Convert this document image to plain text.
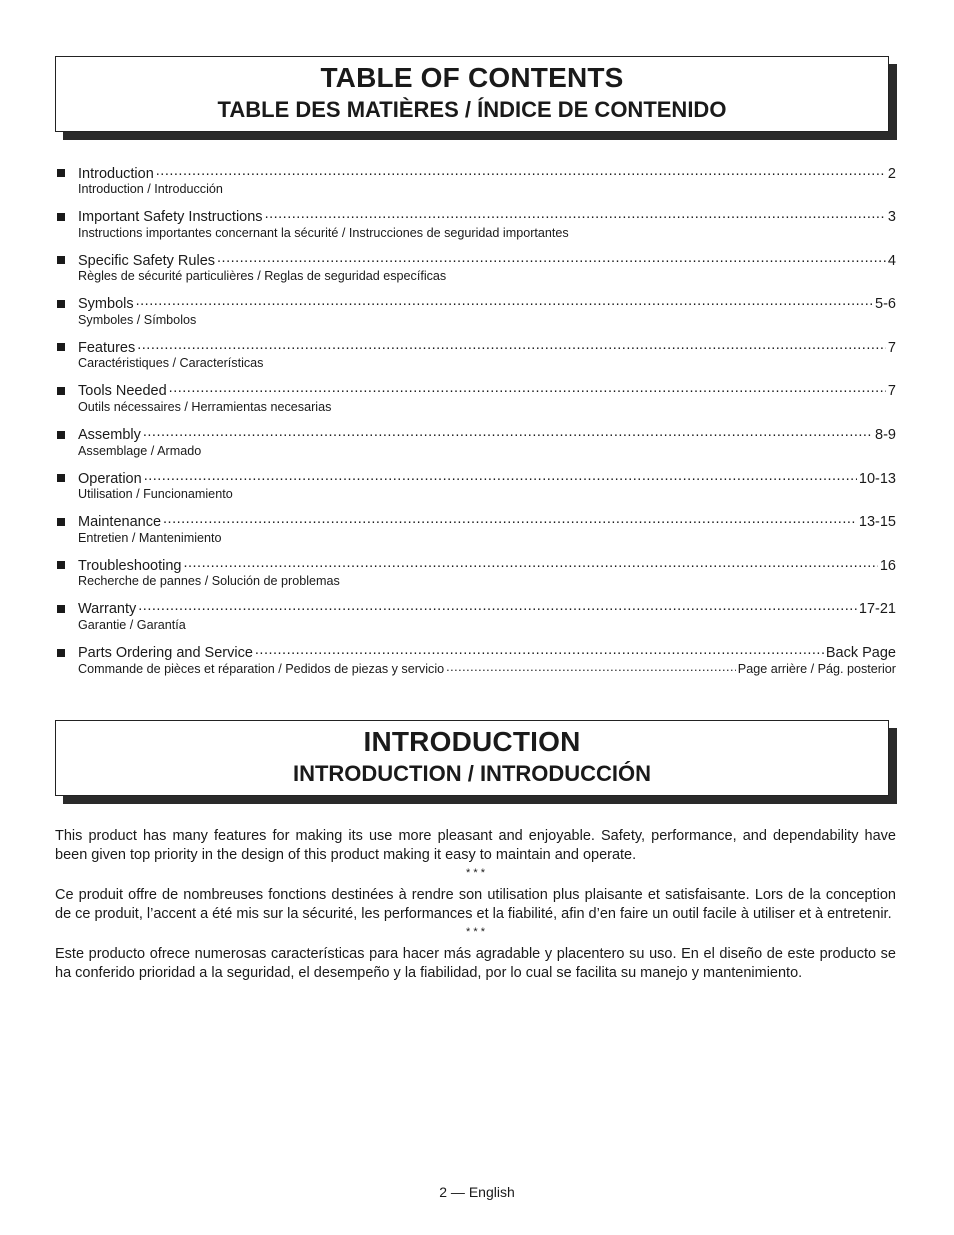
TABLE OF CONTENTS
TABLE DES MATIÈRES / ÍNDICE DE CONTENIDO
Introduction .....	2
Introduction / Introducción
Important Safety Instructions .....	3
Instructions importantes concernant la sécurité / Instrucciones de seguridad importantes
Specific Safety Rules .....	4
Règles de sécurité particulières / Reglas de seguridad específicas
Symbols .....	5-6
Symboles / Símbolos
Features .....	7
Caractéristiques / Características
Tools Needed .....	7
Outils nécessaires / Herramientas necesarias
Assembly .....	8-9
Assemblage / Armado
Operation .....	10-13
Utilisation / Funcionamiento
Maintenance .....	13-15
Entretien / Mantenimiento
Troubleshooting .....	16
Recherche de pannes / Solución de problemas
Warranty .....	17-21
Garantie / Garantía
Parts Ordering and Service .....	Back Page
Commande de pièces et réparation / Pedidos de piezas y servicio .....	Page arrière / Pág. posterior
INTRODUCTION
INTRODUCTION / INTRODUCCIÓN

This product has many features for making its use more pleasant and enjoyable. Safety, performance, and dependability have been given top priority in the design of this product making it easy to maintain and operate.

* * *

Ce produit offre de nombreuses fonctions destinées à rendre son utilisation plus plaisante et satisfaisante. Lors de la conception de ce produit, l’accent a été mis sur la sécurité, les performances et la fiabilité, afin d’en faire un outil facile à utiliser et à entretenir.

* * *

Este producto ofrece numerosas características para hacer más agradable y placentero su uso. En el diseño de este producto se ha conferido prioridad a la seguridad, el desempeño y la fiabilidad, por lo cual se facilita su manejo y mantenimiento.

2 — English
